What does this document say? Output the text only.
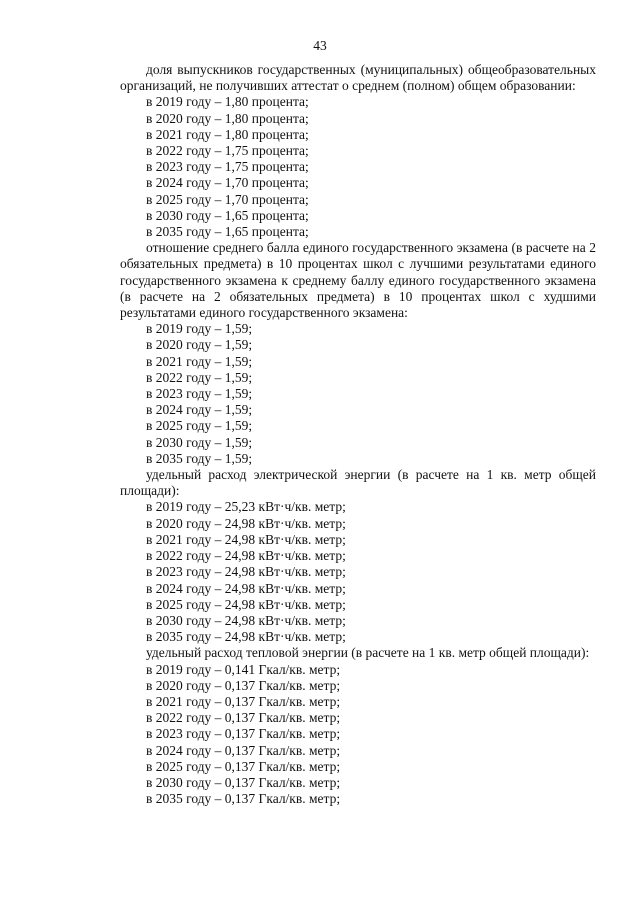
43

доля выпускников государственных (муниципальных) общеобразовательных организаций, не получивших аттестат о среднем (полном) общем образовании:

в 2019 году – 1,80 процента;
в 2020 году – 1,80 процента;
в 2021 году – 1,80 процента;
в 2022 году – 1,75 процента;
в 2023 году – 1,75 процента;
в 2024 году – 1,70 процента;
в 2025 году – 1,70 процента;
в 2030 году – 1,65 процента;
в 2035 году – 1,65 процента;

отношение среднего балла единого государственного экзамена (в расчете на 2 обязательных предмета) в 10 процентах школ с лучшими результатами единого государственного экзамена к среднему баллу единого государственного экзамена (в расчете на 2 обязательных предмета) в 10 процентах школ с худшими результатами единого государственного экзамена:

в 2019 году – 1,59;
в 2020 году – 1,59;
в 2021 году – 1,59;
в 2022 году – 1,59;
в 2023 году – 1,59;
в 2024 году – 1,59;
в 2025 году – 1,59;
в 2030 году – 1,59;
в 2035 году – 1,59;

удельный расход электрической энергии (в расчете на 1 кв. метр общей площади):

в 2019 году – 25,23 кВт·ч/кв. метр;
в 2020 году – 24,98 кВт·ч/кв. метр;
в 2021 году – 24,98 кВт·ч/кв. метр;
в 2022 году – 24,98 кВт·ч/кв. метр;
в 2023 году – 24,98 кВт·ч/кв. метр;
в 2024 году – 24,98 кВт·ч/кв. метр;
в 2025 году – 24,98 кВт·ч/кв. метр;
в 2030 году – 24,98 кВт·ч/кв. метр;
в 2035 году – 24,98 кВт·ч/кв. метр;

удельный расход тепловой энергии (в расчете на 1 кв. метр общей площади):

в 2019 году – 0,141 Гкал/кв. метр;
в 2020 году – 0,137 Гкал/кв. метр;
в 2021 году – 0,137 Гкал/кв. метр;
в 2022 году – 0,137 Гкал/кв. метр;
в 2023 году – 0,137 Гкал/кв. метр;
в 2024 году – 0,137 Гкал/кв. метр;
в 2025 году – 0,137 Гкал/кв. метр;
в 2030 году – 0,137 Гкал/кв. метр;
в 2035 году – 0,137 Гкал/кв. метр;
